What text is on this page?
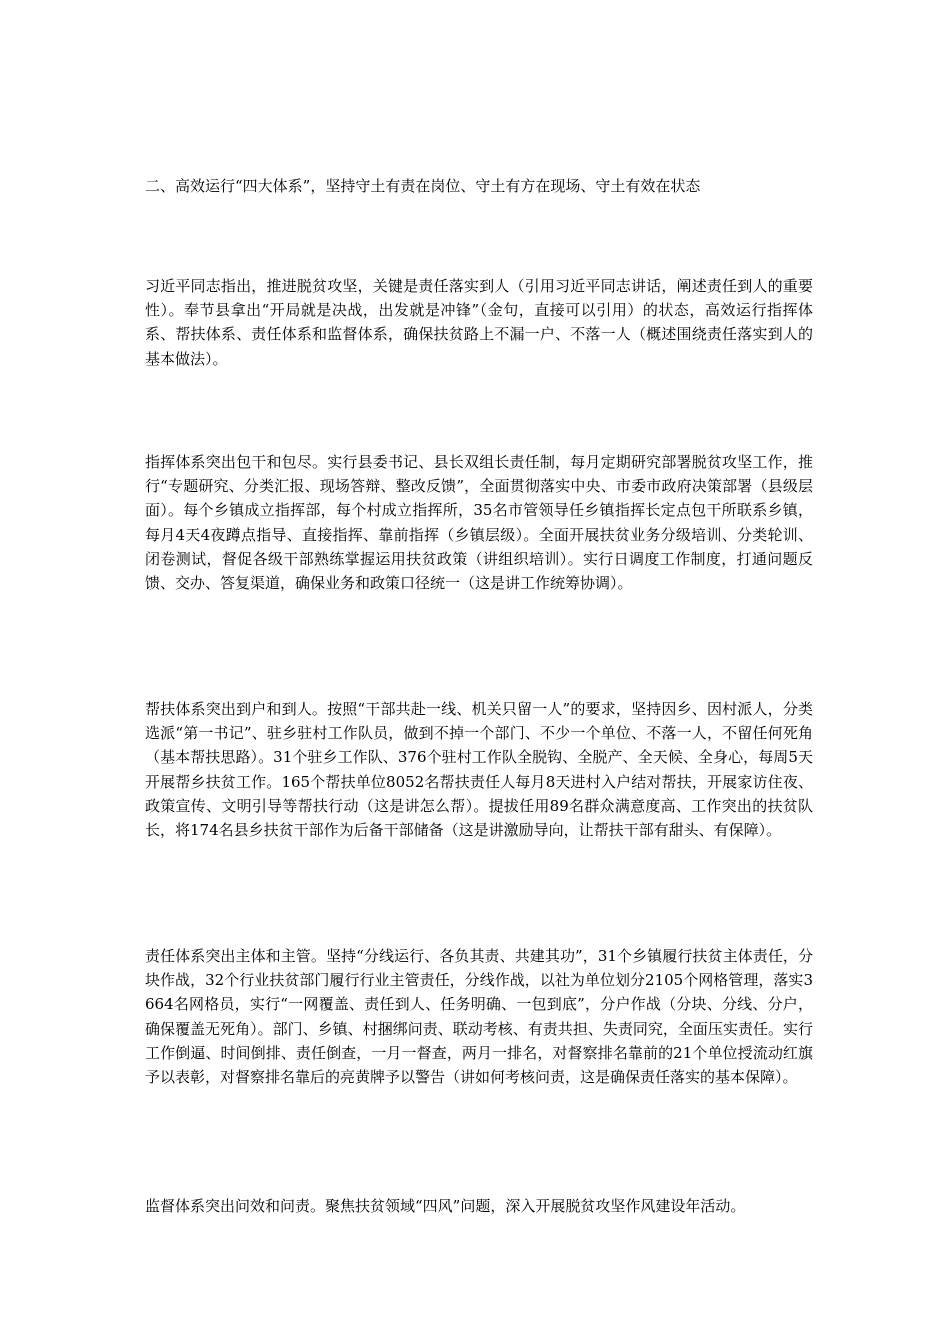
二、高效运行“四大体系”，坚持守土有责在岗位、守土有方在现场、守土有效在状态

习近平同志指出，推进脱贫攻坚，关键是责任落实到人（引用习近平同志讲话，阐述责任到人的重要性）。奉节县拿出“开局就是决战，出发就是冲锋”（金句，直接可以引用）的状态，高效运行指挥体系、帮扶体系、责任体系和监督体系，确保扶贫路上不漏一户、不落一人（概述围绕责任落实到人的基本做法）。

指挥体系突出包干和包尽。实行县委书记、县长双组长责任制，每月定期研究部署脱贫攻坚工作，推行“专题研究、分类汇报、现场答辩、整改反馈”，全面贯彻落实中央、市委市政府决策部署（县级层面）。每个乡镇成立指挥部，每个村成立指挥所，35名市管领导任乡镇指挥长定点包干所联系乡镇，每月4天4夜蹲点指导、直接指挥、靠前指挥（乡镇层级）。全面开展扶贫业务分级培训、分类轮训、闭卷测试，督促各级干部熟练掌握运用扶贫政策（讲组织培训）。实行日调度工作制度，打通问题反馈、交办、答复渠道，确保业务和政策口径统一（这是讲工作统筹协调）。

帮扶体系突出到户和到人。按照“干部共赴一线、机关只留一人”的要求，坚持因乡、因村派人，分类选派“第一书记”、驻乡驻村工作队员，做到不掉一个部门、不少一个单位、不落一人，不留任何死角（基本帮扶思路）。31个驻乡工作队、376个驻村工作队全脱钩、全脱产、全天候、全身心，每周5天开展帮乡扶贫工作。165个帮扶单位8052名帮扶责任人每月8天进村入户结对帮扶，开展家访住夜、政策宣传、文明引导等帮扶行动（这是讲怎么帮）。提拔任用89名群众满意度高、工作突出的扶贫队长，将174名县乡扶贫干部作为后备干部储备（这是讲激励导向，让帮扶干部有甜头、有保障）。

责任体系突出主体和主管。坚持“分线运行、各负其责、共建其功”，31个乡镇履行扶贫主体责任，分块作战，32个行业扶贫部门履行行业主管责任，分线作战，以社为单位划分2105个网格管理，落实3664名网格员，实行“一网覆盖、责任到人、任务明确、一包到底”，分户作战（分块、分线、分户，确保覆盖无死角）。部门、乡镇、村捆绑问责、联动考核、有责共担、失责同究，全面压实责任。实行工作倒逼、时间倒排、责任倒查，一月一督查，两月一排名，对督察排名靠前的21个单位授流动红旗予以表彰，对督察排名靠后的亮黄牌予以警告（讲如何考核问责，这是确保责任落实的基本保障）。

监督体系突出问效和问责。聚焦扶贫领域“四风”问题，深入开展脱贫攻坚作风建设年活动。
